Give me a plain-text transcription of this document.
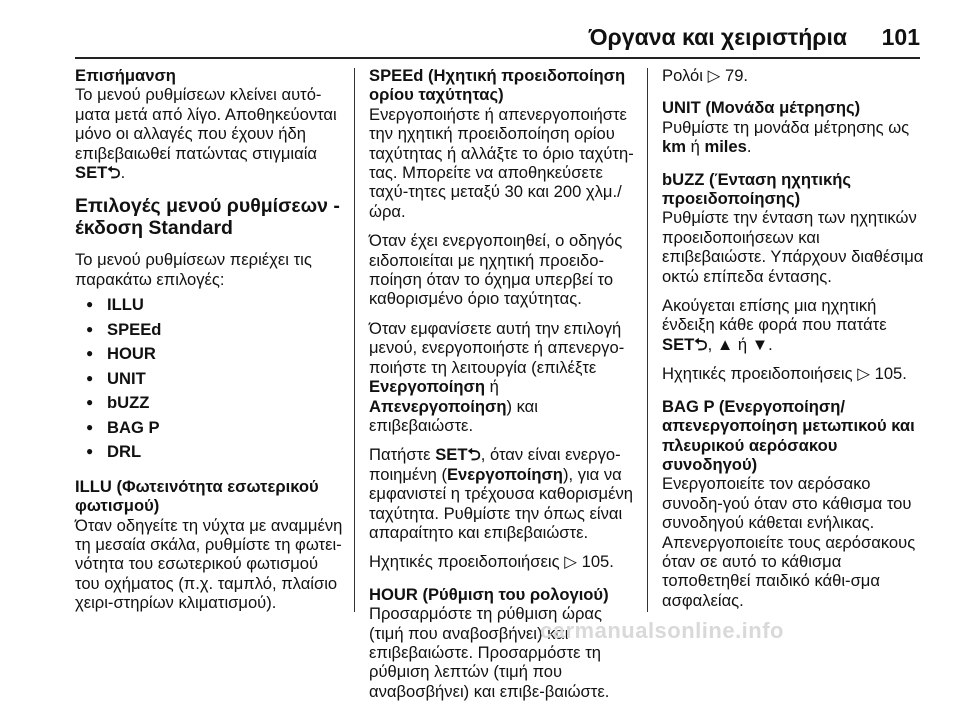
Όργανα και χειριστήρια 101
Επισήμανση
Το μενού ρυθμίσεων κλείνει αυτό-ματα μετά από λίγο. Αποθηκεύονται μόνο οι αλλαγές που έχουν ήδη επιβεβαιωθεί πατώντας στιγμιαία SET⮌.
Επιλογές μενού ρυθμίσεων - έκδοση Standard
Το μενού ρυθμίσεων περιέχει τις παρακάτω επιλογές:
● ILLU
● SPEEd
● HOUR
● UNIT
● bUZZ
● BAG P
● DRL
ILLU (Φωτεινότητα εσωτερικού φωτισμού)
Όταν οδηγείτε τη νύχτα με αναμμένη τη μεσαία σκάλα, ρυθμίστε τη φωτει-νότητα του εσωτερικού φωτισμού του οχήματος (π.χ. ταμπλό, πλαίσιο χειρι-στηρίων κλιματισμού).
SPEEd (Ηχητική προειδοποίηση ορίου ταχύτητας)
Ενεργοποιήστε ή απενεργοποιήστε την ηχητική προειδοποίηση ορίου ταχύτητας ή αλλάξτε το όριο ταχύτη-τας. Μπορείτε να αποθηκεύσετε ταχύ-τητες μεταξύ 30 και 200 χλμ./ώρα.
Όταν έχει ενεργοποιηθεί, ο οδηγός ειδοποιείται με ηχητική προειδο-ποίηση όταν το όχημα υπερβεί το καθορισμένο όριο ταχύτητας.
Όταν εμφανίσετε αυτή την επιλογή μενού, ενεργοποιήστε ή απενεργο-ποιήστε τη λειτουργία (επιλέξτε Ενεργοποίηση ή Απενεργοποίηση) και επιβεβαιώστε.
Πατήστε SET⮌, όταν είναι ενεργο-ποιημένη (Ενεργοποίηση), για να εμφανιστεί η τρέχουσα καθορισμένη ταχύτητα. Ρυθμίστε την όπως είναι απαραίτητο και επιβεβαιώστε.
Ηχητικές προειδοποιήσεις ▷ 105.
HOUR (Ρύθμιση του ρολογιού)
Προσαρμόστε τη ρύθμιση ώρας (τιμή που αναβοσβήνει) και επιβεβαιώστε. Προσαρμόστε τη ρύθμιση λεπτών (τιμή που αναβοσβήνει) και επιβε-βαιώστε.
Ρολόι ▷ 79.
UNIT (Μονάδα μέτρησης)
Ρυθμίστε τη μονάδα μέτρησης ως km ή miles.
bUZZ (Ένταση ηχητικής προειδοποίησης)
Ρυθμίστε την ένταση των ηχητικών προειδοποιήσεων και επιβεβαιώστε. Υπάρχουν διαθέσιμα οκτώ επίπεδα έντασης.
Ακούγεται επίσης μια ηχητική ένδειξη κάθε φορά που πατάτε SET⮌, ▲ ή ▼.
Ηχητικές προειδοποιήσεις ▷ 105.
BAG P (Ενεργοποίηση/ απενεργοποίηση μετωπικού και πλευρικού αερόσακου συνοδηγού)
Ενεργοποιείτε τον αερόσακο συνοδη-γού όταν στο κάθισμα του συνοδηγού κάθεται ενήλικας. Απενεργοποιείτε τους αερόσακους όταν σε αυτό το κάθισμα τοποθετηθεί παιδικό κάθι-σμα ασφαλείας.
carmanualsonline.info
